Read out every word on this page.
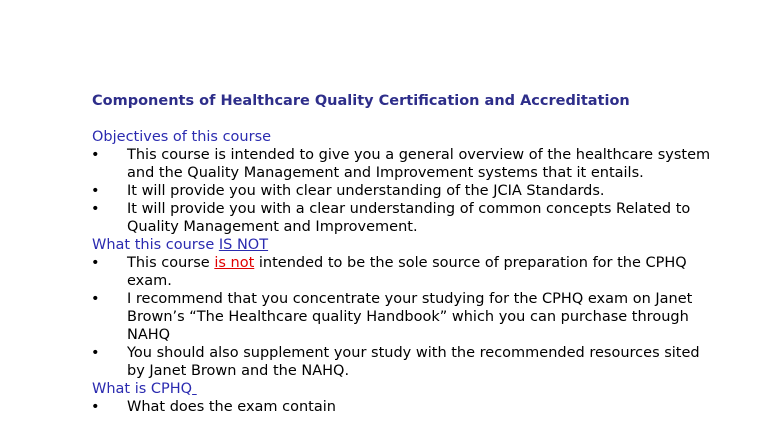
Components of Healthcare Quality Certification and Accreditation
Objectives of this course
•	This course is intended to give you a general overview of the healthcare system and the Quality Management and Improvement systems that it entails.
•	It will provide you with clear understanding of the JCIA Standards.
•	It will provide you with a clear understanding of common concepts Related to Quality Management and Improvement.
What this course IS NOT
•	This course is not intended to be the sole source of preparation for the CPHQ exam.
•	I recommend that you concentrate your studying for the CPHQ exam on Janet Brown’s “The Healthcare quality Handbook” which you can purchase through NAHQ
•	You should also supplement your study with the recommended resources sited by Janet Brown and the NAHQ.
What is CPHQ
•	What does the exam contain
